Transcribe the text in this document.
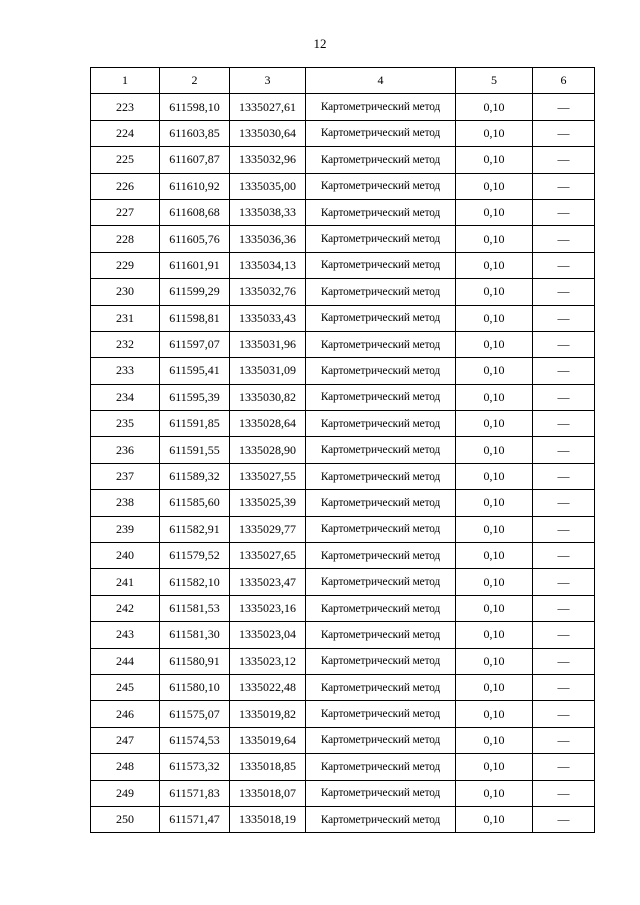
12
1	2	3	4	5	6
223	611598,10	1335027,61	Картометрический метод	0,10	—
224	611603,85	1335030,64	Картометрический метод	0,10	—
225	611607,87	1335032,96	Картометрический метод	0,10	—
226	611610,92	1335035,00	Картометрический метод	0,10	—
227	611608,68	1335038,33	Картометрический метод	0,10	—
228	611605,76	1335036,36	Картометрический метод	0,10	—
229	611601,91	1335034,13	Картометрический метод	0,10	—
230	611599,29	1335032,76	Картометрический метод	0,10	—
231	611598,81	1335033,43	Картометрический метод	0,10	—
232	611597,07	1335031,96	Картометрический метод	0,10	—
233	611595,41	1335031,09	Картометрический метод	0,10	—
234	611595,39	1335030,82	Картометрический метод	0,10	—
235	611591,85	1335028,64	Картометрический метод	0,10	—
236	611591,55	1335028,90	Картометрический метод	0,10	—
237	611589,32	1335027,55	Картометрический метод	0,10	—
238	611585,60	1335025,39	Картометрический метод	0,10	—
239	611582,91	1335029,77	Картометрический метод	0,10	—
240	611579,52	1335027,65	Картометрический метод	0,10	—
241	611582,10	1335023,47	Картометрический метод	0,10	—
242	611581,53	1335023,16	Картометрический метод	0,10	—
243	611581,30	1335023,04	Картометрический метод	0,10	—
244	611580,91	1335023,12	Картометрический метод	0,10	—
245	611580,10	1335022,48	Картометрический метод	0,10	—
246	611575,07	1335019,82	Картометрический метод	0,10	—
247	611574,53	1335019,64	Картометрический метод	0,10	—
248	611573,32	1335018,85	Картометрический метод	0,10	—
249	611571,83	1335018,07	Картометрический метод	0,10	—
250	611571,47	1335018,19	Картометрический метод	0,10	—
